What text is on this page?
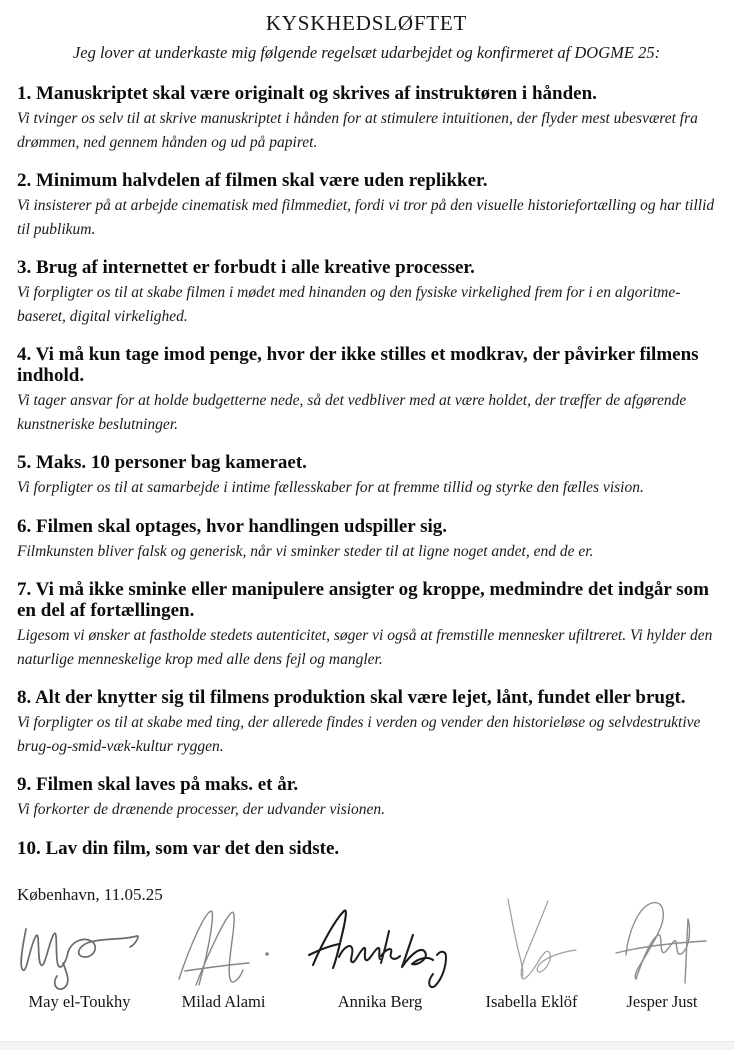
KYSKHEDSLØFTET

Jeg lover at underkaste mig følgende regelsæt udarbejdet og konfirmeret af DOGME 25:

1. Manuskriptet skal være originalt og skrives af instruktøren i hånden.

Vi tvinger os selv til at skrive manuskriptet i hånden for at stimulere intuitionen, der flyder mest ubesværet fra drømmen, ned gennem hånden og ud på papiret.

2. Minimum halvdelen af filmen skal være uden replikker.

Vi insisterer på at arbejde cinematisk med filmmediet, fordi vi tror på den visuelle historiefortælling og har tillid til publikum.

3. Brug af internettet er forbudt i alle kreative processer.

Vi forpligter os til at skabe filmen i mødet med hinanden og den fysiske virkelighed frem for i en algoritme-baseret, digital virkelighed.

4. Vi må kun tage imod penge, hvor der ikke stilles et modkrav, der påvirker filmens indhold.

Vi tager ansvar for at holde budgetterne nede, så det vedbliver med at være holdet, der træffer de afgørende kunstneriske beslutninger.

5. Maks. 10 personer bag kameraet.

Vi forpligter os til at samarbejde i intime fællesskaber for at fremme tillid og styrke den fælles vision.

6. Filmen skal optages, hvor handlingen udspiller sig.

Filmkunsten bliver falsk og generisk, når vi sminker steder til at ligne noget andet, end de er.

7. Vi må ikke sminke eller manipulere ansigter og kroppe, medmindre det indgår som en del af fortællingen.

Ligesom vi ønsker at fastholde stedets autenticitet, søger vi også at fremstille mennesker ufiltreret. Vi hylder den naturlige menneskelige krop med alle dens fejl og mangler.

8. Alt der knytter sig til filmens produktion skal være lejet, lånt, fundet eller brugt.

Vi forpligter os til at skabe med ting, der allerede findes i verden og vender den historieløse og selvdestruktive brug-og-smid-væk-kultur ryggen.

9. Filmen skal laves på maks. et år.

Vi forkorter de drænende processer, der udvander visionen.

10. Lav din film, som var det den sidste.

København, 11.05.25

May el-Toukhy	Milad Alami	Annika Berg	Isabella Eklöf	Jesper Just
